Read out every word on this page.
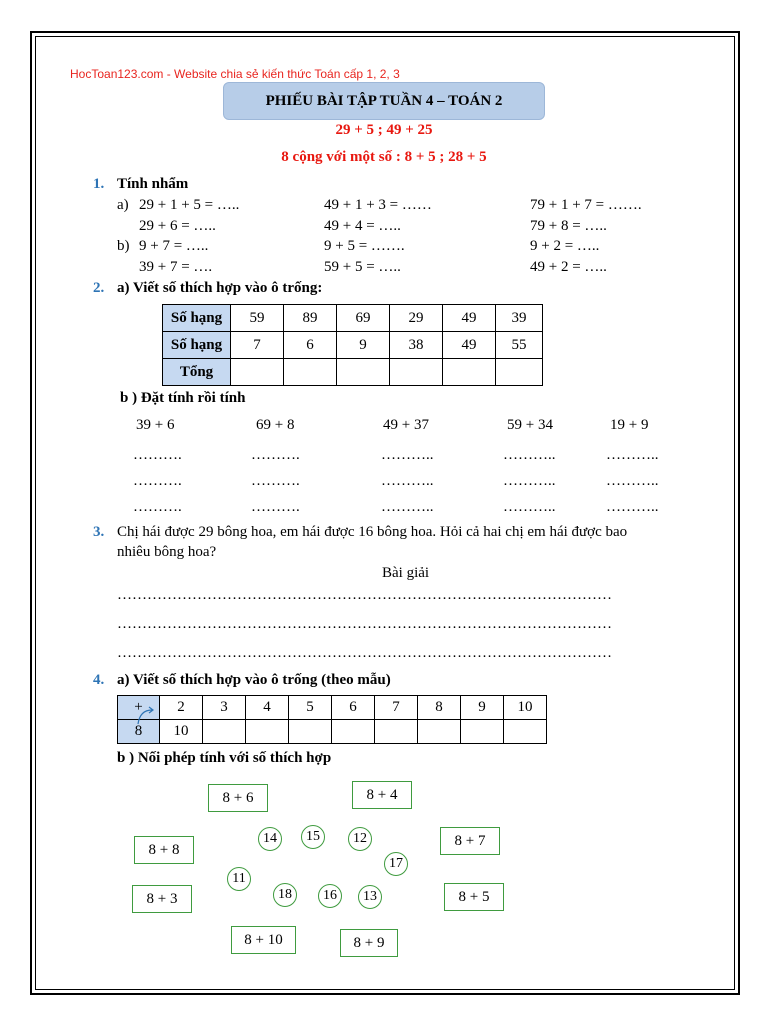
HocToan123.com - Website chia sẻ kiến thức Toán cấp 1, 2, 3
PHIẾU BÀI TẬP TUẦN 4 – TOÁN 2
29 + 5 ; 49 + 25
8 cộng với một số : 8 + 5 ; 28 + 5
1. Tính nhẩm
a)
b)
29 + 1 + 5 = …..	49 + 1 + 3 = ……	79 + 1 + 7 = …….
29 + 6 = …..	49 + 4 = …..	79 + 8 = …..
9 + 7 = …..	9 + 5 = …….	9 + 2 = …..
39 + 7 = ….	59 + 5 = …..	49 + 2 = …..
2. a) Viết số thích hợp vào ô trống:
Số hạng	59	89	69	29	49	39
Số hạng	7	6	9	38	49	55
Tổng						
b ) Đặt tính rồi tính
39 + 6	69 + 8	49 + 37	59 + 34	19 + 9
……….	……….	………..	………..	………..
……….	……….	………..	………..	………..
……….	……….	………..	………..	………..
3. Chị hái được 29 bông hoa, em hái được 16 bông hoa. Hỏi cả hai chị em hái được bao
nhiêu bông hoa?
Bài giải
………………………………………………………………………………………
………………………………………………………………………………………
………………………………………………………………………………………
4. a) Viết số thích hợp vào ô trống (theo mẫu)
+	2	3	4	5	6	7	8	9	10
8	10								
b ) Nối phép tính với số thích hợp
8 + 6	8 + 4
8 + 8
8 + 7
8 + 3	8 + 5
8 + 10	8 + 9
14	15	12
17
11
18	16	13
